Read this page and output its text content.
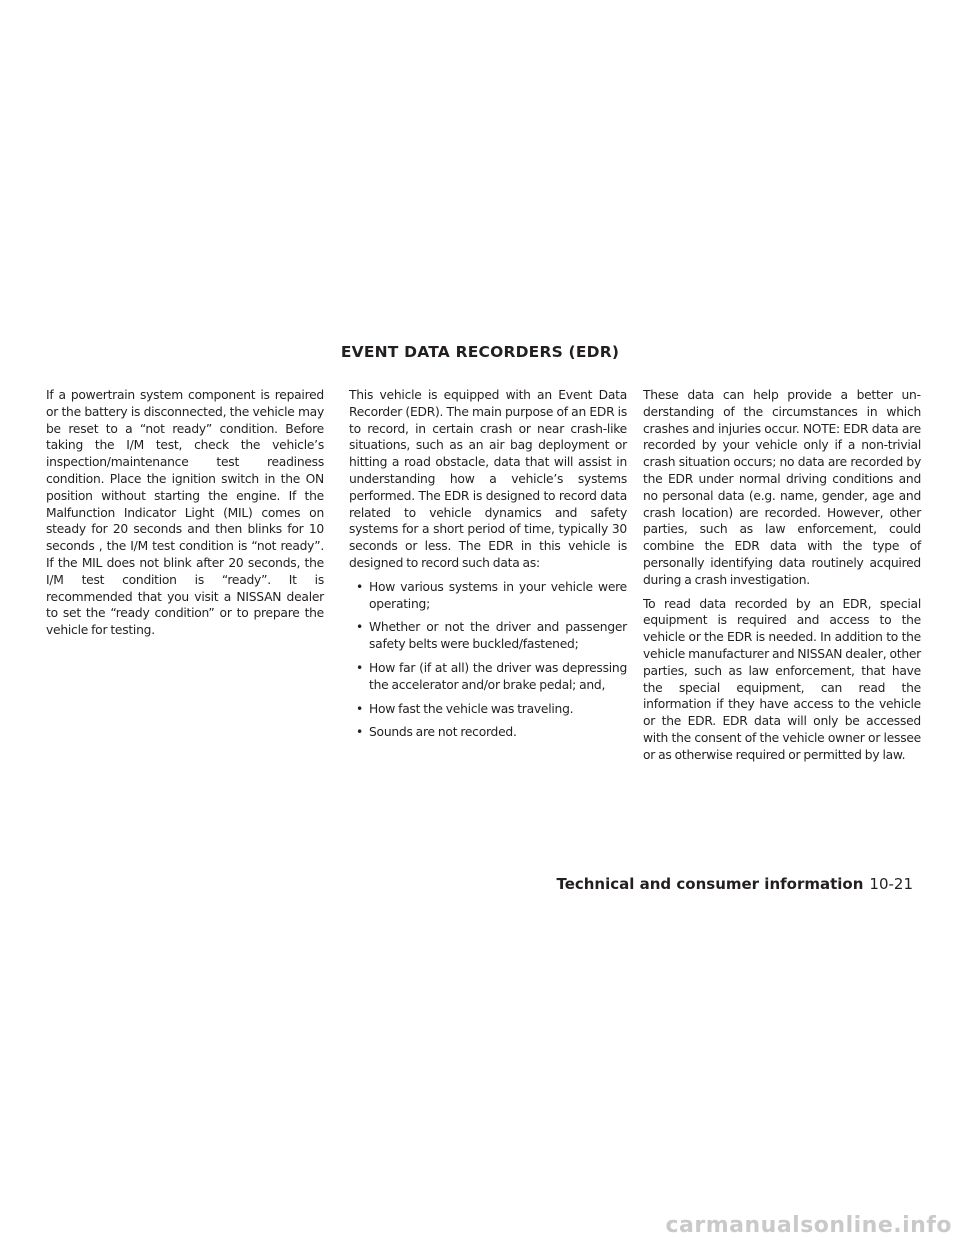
EVENT DATA RECORDERS (EDR)

If a powertrain system component is repaired or the battery is disconnected, the vehicle may be reset to a “not ready” condition. Before taking the I/M test, check the vehicle’s inspection/maintenance test readiness condition. Place the ignition switch in the ON position without starting the engine. If the Malfunction Indicator Light (MIL) comes on steady for 20 seconds and then blinks for 10 seconds , the I/M test condition is “not ready”. If the MIL does not blink after 20 seconds, the I/M test condition is “ready”. It is recommended that you visit a NISSAN dealer to set the “ready condition” or to prepare the vehicle for testing.

This vehicle is equipped with an Event Data Recorder (EDR). The main purpose of an EDR is to record, in certain crash or near crash-like situations, such as an air bag deployment or hitting a road obstacle, data that will assist in understanding how a vehicle’s systems performed. The EDR is designed to record data related to vehicle dynamics and safety systems for a short period of time, typically 30 seconds or less. The EDR in this vehicle is designed to record such data as:

• How various systems in your vehicle were operating;
• Whether or not the driver and passenger safety belts were buckled/fastened;
• How far (if at all) the driver was depressing the accelerator and/or brake pedal; and,
• How fast the vehicle was traveling.
• Sounds are not recorded.

These data can help provide a better understanding of the circumstances in which crashes and injuries occur. NOTE: EDR data are recorded by your vehicle only if a non-trivial crash situation occurs; no data are recorded by the EDR under normal driving conditions and no personal data (e.g. name, gender, age and crash location) are recorded. However, other parties, such as law enforcement, could combine the EDR data with the type of personally identifying data routinely acquired during a crash investigation.

To read data recorded by an EDR, special equipment is required and access to the vehicle or the EDR is needed. In addition to the vehicle manufacturer and NISSAN dealer, other parties, such as law enforcement, that have the special equipment, can read the information if they have access to the vehicle or the EDR. EDR data will only be accessed with the consent of the vehicle owner or lessee or as otherwise required or permitted by law.

Technical and consumer information 10-21
carmanualsonline.info
